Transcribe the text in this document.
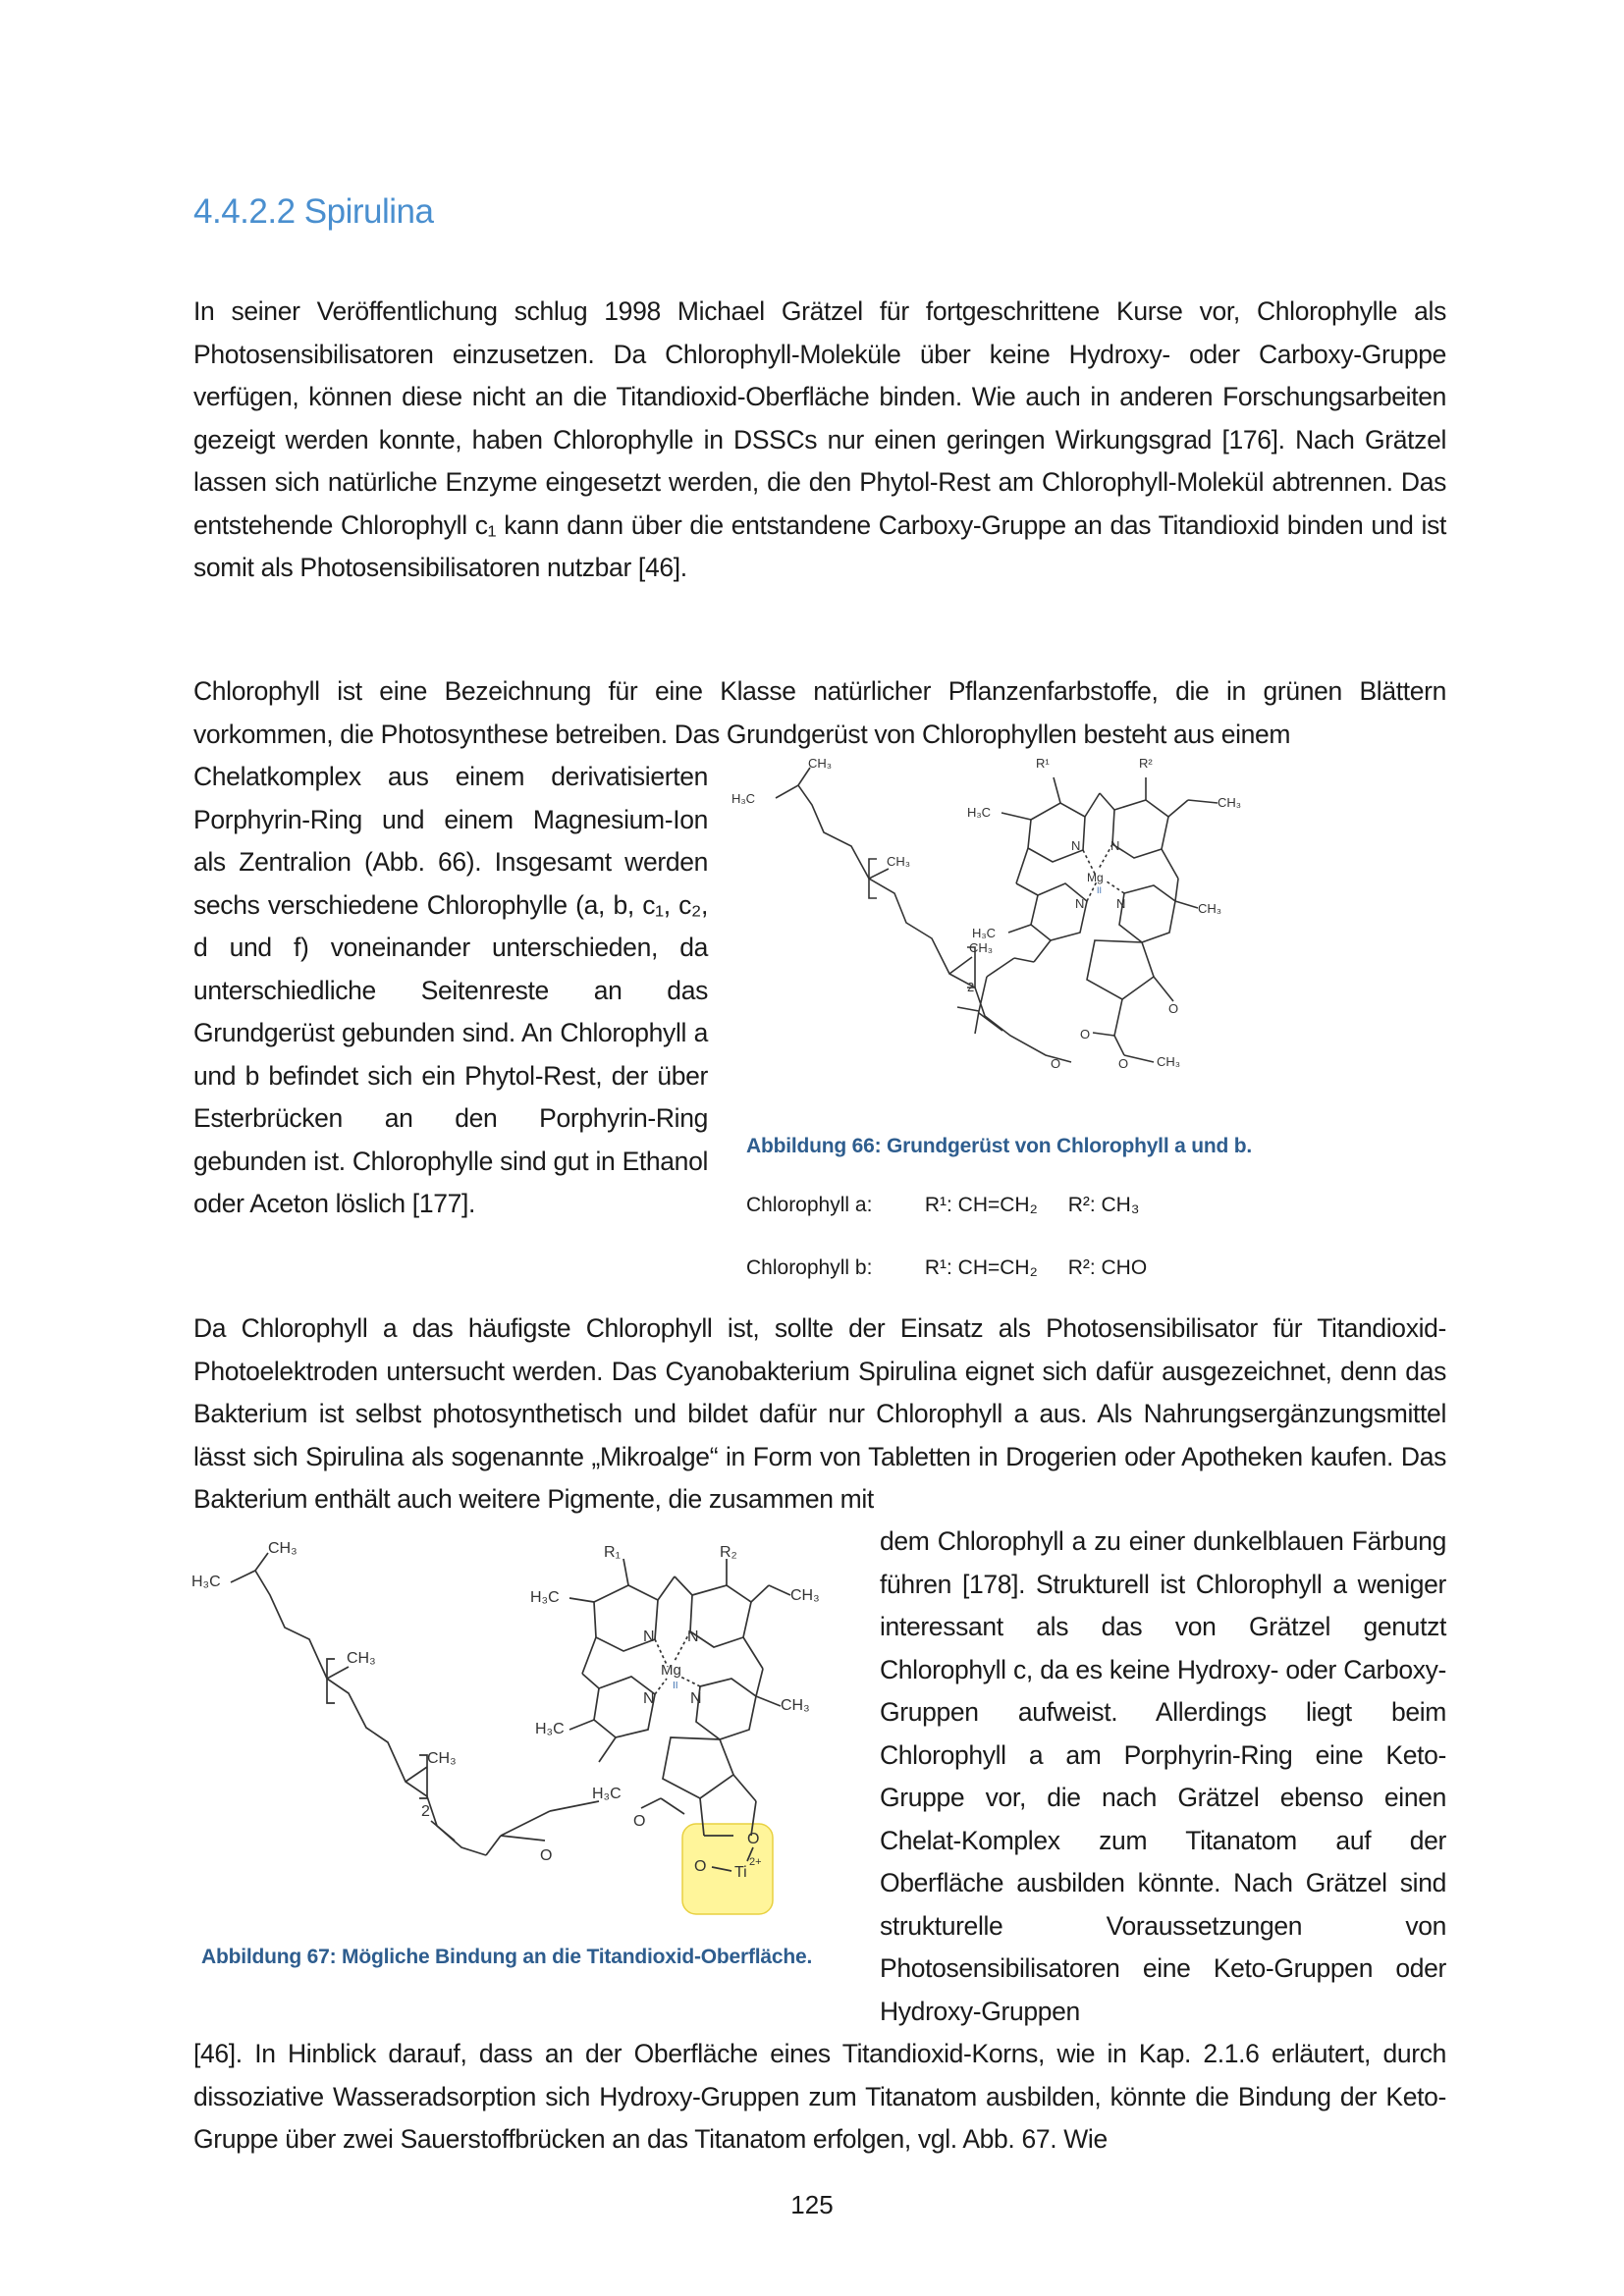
4.4.2.2 Spirulina
In seiner Veröffentlichung schlug 1998 Michael Grätzel für fortgeschrittene Kurse vor, Chlorophylle als Photosensibilisatoren einzusetzen. Da Chlorophyll-Moleküle über keine Hydroxy- oder Carboxy-Gruppe verfügen, können diese nicht an die Titandioxid-Oberfläche binden. Wie auch in anderen Forschungsarbeiten gezeigt werden konnte, haben Chlorophylle in DSSCs nur einen geringen Wirkungsgrad [176]. Nach Grätzel lassen sich natürliche Enzyme eingesetzt werden, die den Phytol-Rest am Chlorophyll-Molekül abtrennen. Das entstehende Chlorophyll c₁ kann dann über die entstandene Carboxy-Gruppe an das Titandioxid binden und ist somit als Photosensibilisatoren nutzbar [46].
Chlorophyll ist eine Bezeichnung für eine Klasse natürlicher Pflanzenfarbstoffe, die in grünen Blättern vorkommen, die Photosynthese betreiben. Das Grundgerüst von Chlorophyllen besteht aus einem
Chelatkomplex aus einem derivatisierten Porphyrin-Ring und einem Magnesium-Ion als Zentralion (Abb. 66). Insgesamt werden sechs verschiedene Chlorophylle (a, b, c₁, c₂, d und f) voneinander unterschieden, da unterschiedliche Seitenreste an das Grundgerüst gebunden sind. An Chlorophyll a und b befindet sich ein Phytol-Rest, der über Esterbrücken an den Porphyrin-Ring gebunden ist. Chlorophylle sind gut in Ethanol oder Aceton löslich [177].
H₃C
CH₃
CH₃
CH₃
2
O
R¹	R²
H₃C
CH₃
N N
Mg
II
N	N
H₃C
CH₃
O
O
O CH₃
Abbildung 66: Grundgerüst von Chlorophyll a und b.
Chlorophyll a:	R¹: CH=CH₂ R²: CH₃
Chlorophyll b:	R¹: CH=CH₂ R²: CHO
Da Chlorophyll a das häufigste Chlorophyll ist, sollte der Einsatz als Photosensibilisator für Titandioxid-Photoelektroden untersucht werden. Das Cyanobakterium Spirulina eignet sich dafür ausgezeichnet, denn das Bakterium ist selbst photosynthetisch und bildet dafür nur Chlorophyll a aus. Als Nahrungsergänzungsmittel lässt sich Spirulina als sogenannte „Mikroalge“ in Form von Tabletten in Drogerien oder Apotheken kaufen. Das Bakterium enthält auch weitere Pigmente, die zusammen mit
dem Chlorophyll a zu einer dunkelblauen Färbung führen [178]. Strukturell ist Chlorophyll a weniger interessant als das von Grätzel genutzt Chlorophyll c, da es keine Hydroxy- oder Carboxy-Gruppen aufweist. Allerdings liegt beim Chlorophyll a am Porphyrin-Ring eine Keto-Gruppe vor, die nach Grätzel ebenso einen Chelat-Komplex zum Titanatom auf der Oberfläche ausbilden könnte. Nach Grätzel sind strukturelle Voraussetzungen von Photosensibilisatoren eine Keto-Gruppen oder Hydroxy-Gruppen
H₃C
CH₃
CH₃
CH₃
2
O
R₁	R₂
H₃C	CH₃
N N
Mg
II
N N
H₃C
CH₃
H₃C
O
O
O Ti
2+
Abbildung 67: Mögliche Bindung an die Titandioxid-Oberfläche.
[46]. In Hinblick darauf, dass an der Oberfläche eines Titandioxid-Korns, wie in Kap. 2.1.6 erläutert, durch dissoziative Wasseradsorption sich Hydroxy-Gruppen zum Titanatom ausbilden, könnte die Bindung der Keto-Gruppe über zwei Sauerstoffbrücken an das Titanatom erfolgen, vgl. Abb. 67. Wie
125
